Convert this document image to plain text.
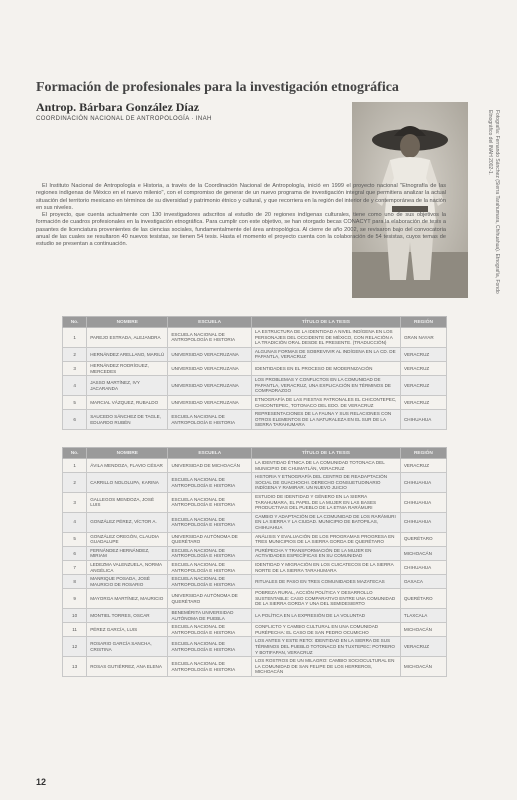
Formación de profesionales para la investigación etnográfica
Antrop. Bárbara González Díaz
COORDINACIÓN NACIONAL DE ANTROPOLOGÍA · INAH	Fotografía: Fernando Sánchez (Sierra Tarahumara, Chihuahua). Etnografía, Fondo Etnográfico del INAH 2002-1.

El Instituto Nacional de Antropología e Historia, a través de la Coordinación Nacional de Antropología, inició en 1999 el proyecto nacional "Etnografía de las regiones indígenas de México en el nuevo milenio", con el compromiso de generar de un nuevo programa de investigación integral que permitiera analizar la actual situación del territorio mexicano en términos de su diversidad y patrimonio étnico y cultural, y que recorriera en la región del interior de y contemporánea de la nación en sus niveles.

El proyecto, que cuenta actualmente con 130 investigadores adscritos al estudio de 20 regiones indígenas culturales, tiene como uno de sus objetivos la formación de cuadros profesionales en la investigación etnográfica. Para cumplir con este objetivo, se han otorgado becas CONACYT para la elaboración de tesis a pasantes de licenciatura provenientes de las ciencias sociales, fundamentalmente del área antropológica. Al cierre de año 2002, se revisaron bajo del convocatoria anual de las cuales se resultaron 40 nuevos tesistas, se tienen 54 tesis. Hasta el momento el proyecto cuenta con la colaboración de 54 tesistas, cuyos temas de estudio se presentan a continuación.

No.	NOMBRE	ESCUELA	TÍTULO DE LA TESIS	REGIÓN
1	PAREJO ESTRADA, ALEJANDRA	ESCUELA NACIONAL DE ANTROPOLOGÍA E HISTORIA	LA ESTRUCTURA DE LA IDENTIDAD A NIVEL INDÍGENA EN LOS PERSONAJES DEL OCCIDENTE DE MÉXICO, CON RELACIÓN A LA TRADICIÓN ORAL DESDE EL PRESENTE. (TRADUCCIÓN)	GRAN NAYAR
2	HERNÁNDEZ ARELLANO, MARILÚ	UNIVERSIDAD VERACRUZANA	ALGUNAS FORMAS DE SOBREVIVIR AL INDÍGENA EN LA CD. DE PAPANTLA, VERACRUZ	VERACRUZ
3	HERNÁNDEZ RODRÍGUEZ, MERCEDES	UNIVERSIDAD VERACRUZANA	IDENTIDADES EN EL PROCESO DE MODERNIZACIÓN	VERACRUZ
4	JASSO MARTÍNEZ, IVY JACARANDA	UNIVERSIDAD VERACRUZANA	LOS PROBLEMAS Y CONFLICTOS EN LA COMUNIDAD DE PAPANTLA, VERACRUZ, UNA EXPLICACIÓN EN TÉRMINOS DE COMPADRAZGO	VERACRUZ
5	MARCIAL VÁZQUEZ, RUBALDO	UNIVERSIDAD VERACRUZANA	ETNOGRAFÍA DE LAS FIESTAS PATRONALES EL CHICONTEPEC, CHICONTEPEC, TOTONACO DEL EDO. DE VERACRUZ	VERACRUZ
6	SAUCEDO SÁNCHEZ DE TAGLE, EDUARDO RUBÉN	ESCUELA NACIONAL DE ANTROPOLOGÍA E HISTORIA	REPRESENTACIONES DE LA FAUNA Y SUS RELACIONES CON OTROS ELEMENTOS DE LA NATURALEZA EN EL SUR DE LA SIERRA TARAHUMARA	CHIHUAHUA
No.	NOMBRE	ESCUELA	TÍTULO DE LA TESIS	REGIÓN
1	ÁVILA MENDOZA, FLAVIO CÉSAR	UNIVERSIDAD DE MICHOACÁN	LA IDENTIDAD ÉTNICA DE LA COMUNIDAD TOTONACA DEL MUNICIPIO DE CHUMATLÁN, VERACRUZ	VERACRUZ
2	CARRILLO NOLOLUPA, KARINA	ESCUELA NACIONAL DE ANTROPOLOGÍA E HISTORIA	HISTORIA Y ETNOGRAFÍA DEL CENTRO DE READAPTACIÓN SOCIAL DE GUACHOCHI. DERECHO CONSUETUDINARIO INDÍGENA Y RAMIRAR. UN NUEVO JUICIO	CHIHUAHUA
3	GALLEGOS MENDOZA, JOSÉ LUIS	ESCUELA NACIONAL DE ANTROPOLOGÍA E HISTORIA	ESTUDIO DE IDENTIDAD Y GÉNERO EN LA SIERRA TARAHUMARA, EL PAPEL DE LA MUJER EN LAS BASES PRODUCTIVAS DEL PUEBLO DE LA ETNIA RARÁMURI	CHIHUAHUA
4	GONZÁLEZ PÉREZ, VÍCTOR A.	ESCUELA NACIONAL DE ANTROPOLOGÍA E HISTORIA	CAMBIO Y ADAPTACIÓN DE LA COMUNIDAD DE LOS RARÁMURI EN LA SIERRA Y LA CIUDAD. MUNICIPIO DE BATOPILAS, CHIHUAHUA	CHIHUAHUA
5	GONZÁLEZ OREGÓN, CLAUDIA GUADALUPE	UNIVERSIDAD AUTÓNOMA DE QUERÉTARO	ANÁLISIS Y EVALUACIÓN DE LOS PROGRAMAS PROGRESA EN TRES MUNICIPIOS DE LA SIERRA GORDA DE QUERÉTARO	QUERÉTARO
6	FERNÁNDEZ HERNÁNDEZ, MIRIAM	ESCUELA NACIONAL DE ANTROPOLOGÍA E HISTORIA	PURÉPECHA Y TRANSFORMACIÓN DE LA MUJER EN ACTIVIDADES ESPECÍFICAS EN SU COMUNIDAD	MICHOACÁN
7	LEDEZMA VALENZUELA, NORMA ANGÉLICA	ESCUELA NACIONAL DE ANTROPOLOGÍA E HISTORIA	IDENTIDAD Y MIGRACIÓN EN LOS CUICATECOS DE LA SIERRA NORTE DE LA SIERRA TARAHUMARA	CHIHUAHUA
8	MANRIQUE POSADA, JOSÉ MAURICIO DE ROSARIO	ESCUELA NACIONAL DE ANTROPOLOGÍA E HISTORIA	RITUALES DE PASO EN TRES COMUNIDADES MAZATECAS	OAXACA
9	MAYORGA MARTÍNEZ, MAURICIO	UNIVERSIDAD AUTÓNOMA DE QUERÉTARO	POBREZA RURAL, ACCIÓN POLÍTICA Y DESARROLLO SUSTENTABLE: CASO COMPARATIVO ENTRE UNA COMUNIDAD DE LA SIERRA GORDA Y UNA DEL SEMIDESIERTO	QUERÉTARO
10	MONTIEL TORRES, OSCAR	BENEMÉRITA UNIVERSIDAD AUTÓNOMA DE PUEBLA	LA POLÍTICA EN LA EXPRESIÓN DE LA VOLUNTAD	TLAXCALA
11	PÉREZ GARCÍA, LUIS	ESCUELA NACIONAL DE ANTROPOLOGÍA E HISTORIA	CONFLICTO Y CAMBIO CULTURAL EN UNA COMUNIDAD PURÉPECHA: EL CASO DE SAN PEDRO OCUMICHO	MICHOACÁN
12	ROSARIO GARCÍA SANCHA, CRISTINA	ESCUELA NACIONAL DE ANTROPOLOGÍA E HISTORIA	LOS ANTES Y ESTE RETO: IDENTIDAD EN LA SIERRA DE SUS TÉRMINOS DEL PUEBLO TOTONACO EN TUXTEPEC: POTRERO Y BOTIFAPAN, VERACRUZ	VERACRUZ
13	ROSAS GUTIÉRREZ, ANA ELENA	ESCUELA NACIONAL DE ANTROPOLOGÍA E HISTORIA	LOS ROSTROS DE UN MILAGRO: CAMBIO SOCIOCULTURAL EN LA COMUNIDAD DE SAN FELIPE DE LOS HERREROS, MICHOACÁN	MICHOACÁN
12
